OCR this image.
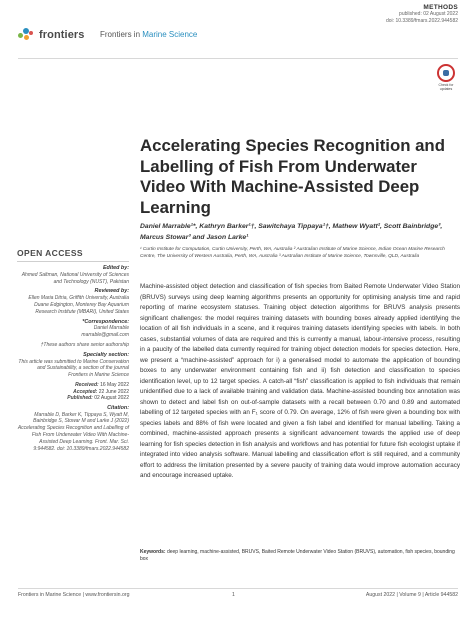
frontiers Frontiers in Marine Science
METHODS
published: 02 August 2022
doi: 10.3389/fmars.2022.944582
Check for updates
Accelerating Species Recognition and Labelling of Fish From Underwater Video With Machine-Assisted Deep Learning
Daniel Marrable¹*, Kathryn Barker¹†, Sawitchaya Tippaya¹†, Mathew Wyatt², Scott Bainbridge³, Marcus Stowar³ and Jason Larke¹
¹ Curtin Institute for Computation, Curtin University, Perth, WA, Australia ² Australian Institute of Marine Science, Indian Ocean Marine Research Centre, The University of Western Australia, Perth, WA, Australia ³ Australian Institute of Marine Science, Townsville, QLD, Australia

Machine-assisted object detection and classification of fish species from Baited Remote Underwater Video Station (BRUVS) surveys using deep learning algorithms presents an opportunity for optimising analysis time and rapid reporting of marine ecosystem statuses. Training object detection algorithms for BRUVS analysis presents significant challenges: the model requires training datasets with bounding boxes already applied identifying the location of all fish individuals in a scene, and it requires training datasets identifying species with labels. In both cases, substantial volumes of data are required and this is currently a manual, labour-intensive process, resulting in a paucity of the labelled data currently required for training object detection models for species detection. Here, we present a “machine-assisted” approach for i) a generalised model to automate the application of bounding boxes to any underwater environment containing fish and ii) fish detection and classification to species identification level, up to 12 target species. A catch-all “fish” classification is applied to fish individuals that remain unidentified due to a lack of available training and validation data. Machine-assisted bounding box annotation was shown to detect and label fish on out-of-sample datasets with a recall between 0.70 and 0.89 and automated labelling of 12 targeted species with an F₁ score of 0.79. On average, 12% of fish were given a bounding box with species labels and 88% of fish were located and given a fish label and identified for manual labelling. Taking a combined, machine-assisted approach presents a significant advancement towards the applied use of deep learning for fish species detection in fish analysis and workflows and has potential for future fish ecologist uptake if integrated into video analysis software. Manual labelling and classification effort is still required, and a community effort to address the limitation presented by a severe paucity of training data would improve automation accuracy and encourage increased uptake.

Keywords: deep learning, machine-assisted, BRUVS, Baited Remote Underwater Video Station (BRUVS), automation, fish species, bounding box
OPEN ACCESS
Edited by:
Ahmed Saltman, National University of Sciences and Technology (NUST), Pakistan
Reviewed by:
Ellen Maria Ditria, Griffith University, Australia
Duane Edgington, Monterey Bay Aquarium Research Institute (MBARI), United States
*Correspondence:
Daniel Marrable
marrable@gmail.com
†These authors share senior authorship
Specialty section:
This article was submitted to Marine Conservation and Sustainability, a section of the journal Frontiers in Marine Science
Received: 16 May 2022
Accepted: 22 June 2022
Published: 02 August 2022
Citation:
Marrable D, Barker K, Tippaya S, Wyatt M, Bainbridge S, Stowar M and Larke J (2022) Accelerating Species Recognition and Labelling of Fish From Underwater Video With Machine-Assisted Deep Learning. Front. Mar. Sci. 9:944582. doi: 10.3389/fmars.2022.944582
Frontiers in Marine Science | www.frontiersin.org	1	August 2022 | Volume 9 | Article 944582
